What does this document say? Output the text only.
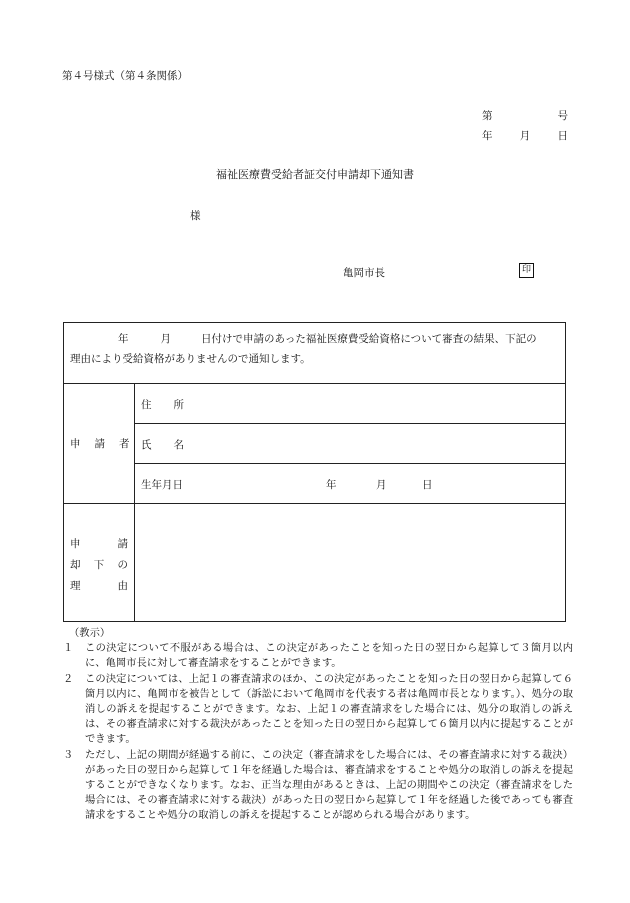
第４号様式（第４条関係）
第	号
年	月	日
福祉医療費受給者証交付申請却下通知書
様
亀岡市長	印
年	月	日付けで申請のあった福祉医療費受給資格について審査の結果、下記の
理由により受給資格がありませんので通知します。
申 請 者
住 所
氏 名
生年月日	年	月	日
申	請
却 下 の
理	由
（教示）
１	この決定について不服がある場合は、この決定があったことを知った日の翌日から起算して３箇月以内に、亀岡市長に対して審査請求をすることができます。
２	この決定については、上記１の審査請求のほか、この決定があったことを知った日の翌日から起算して６箇月以内に、亀岡市を被告として（訴訟において亀岡市を代表する者は亀岡市長となります。）、処分の取消しの訴えを提起することができます。なお、上記１の審査請求をした場合には、処分の取消しの訴えは、その審査請求に対する裁決があったことを知った日の翌日から起算して６箇月以内に提起することができます。
３	ただし、上記の期間が経過する前に、この決定（審査請求をした場合には、その審査請求に対する裁決）があった日の翌日から起算して１年を経過した場合は、審査請求をすることや処分の取消しの訴えを提起することができなくなります。なお、正当な理由があるときは、上記の期間やこの決定（審査請求をした場合には、その審査請求に対する裁決）があった日の翌日から起算して１年を経過した後であっても審査請求をすることや処分の取消しの訴えを提起することが認められる場合があります。
